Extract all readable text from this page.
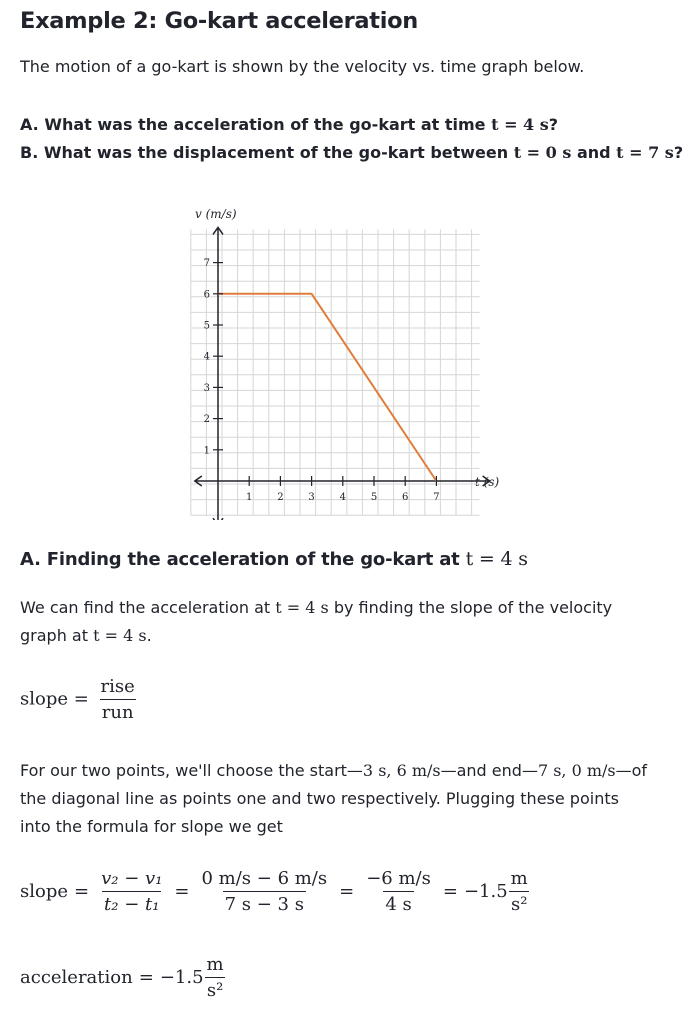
Example 2: Go-kart acceleration
The motion of a go-kart is shown by the velocity vs. time graph below.
A. What was the acceleration of the go-kart at time t = 4 s?
B. What was the displacement of the go-kart between t = 0 s and t = 7 s?
v (m/s)
t (s)
1 2 3 4 5 6 7
1
2
3
4
5
6
7
A. Finding the acceleration of the go-kart at t = 4 s
We can find the acceleration at t = 4 s by finding the slope of the velocity
graph at t = 4 s.
slope = $\frac{\text{rise}}{\text{run}}$
For our two points, we'll choose the start—3 s, 6 m/s—and end—7 s, 0 m/s—of
the diagonal line as points one and two respectively. Plugging these points
into the formula for slope we get
slope = $\frac{\text{v₂ − v₁}}{\text{t₂ − t₁}} = \frac{0 m/s - 6 m/s}{7 s - 3 s} = \frac{-6 m/s}{4 s} = -1.5 \frac{m}{\text{s²}}$
acceleration = $-1.5 \frac{m}{\text{s²}}$
